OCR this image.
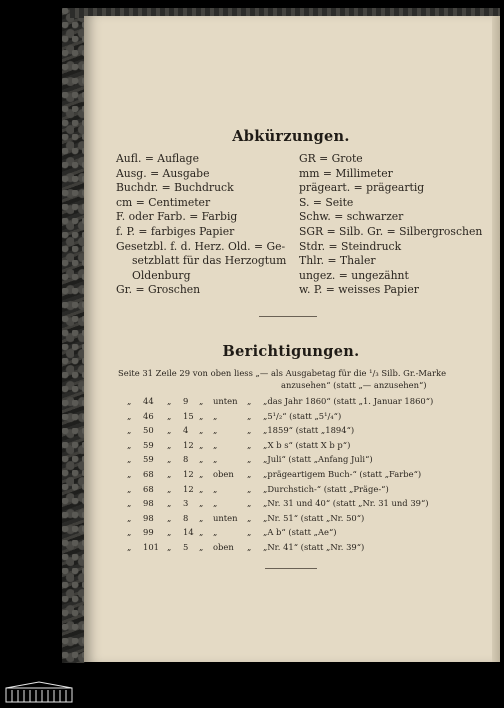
Abkürzungen.
Aufl. = Auflage
Ausg. = Ausgabe
Buchdr. = Buchdruck
cm = Centimeter
F. oder Farb. = Farbig
f. P. = farbiges Papier
Gesetzbl. f. d. Herz. Old. = Ge-
setzblatt für das Herzogtum
Oldenburg
Gr. = Groschen
GR = Grote
mm = Millimeter
prägeart. = prägeartig
S. = Seite
Schw. = schwarzer
SGR = Silb. Gr. = Silbergroschen
Stdr. = Steindruck
Thlr. = Thaler
ungez. = ungezähnt
w. P. = weisses Papier
Berichtigungen.
Seite 31 Zeile 29 von oben liess „— als Ausgabetag für die ¹/₃ Silb. Gr.-Marke
anzusehen“ (statt „— anzusehen“)
„ 44 „ 9 „ unten „ „das Jahr 1860“ (statt „1. Januar 1860“)
„ 46 „ 15 „ „	„ „5¹/₂“ (statt „5¹/₄“)
„ 50 „ 4 „ „	„ „1859“ (statt „1894“)
„ 59 „ 12 „ „	„ „X b s“ (statt X b p“)
„ 59 „ 8 „ „	„ „Juli“ (statt „Anfang Juli“)
„ 68 „ 12 „ oben „ „prägeartigem Buch-“ (statt „Farbe“)
„ 68 „ 12 „ „	„ „Durchstich-“ (statt „Präge-“)
„ 98 „ 3 „ „	„ „Nr. 31 und 40“ (statt „Nr. 31 und 39“)
„ 98 „ 8 „ unten „ „Nr. 51“ (statt „Nr. 50“)
„ 99 „ 14 „ „	„ „A b“ (statt „Ae“)
„ 101 „ 5 „ oben „ „Nr. 41“ (statt „Nr. 39“)
